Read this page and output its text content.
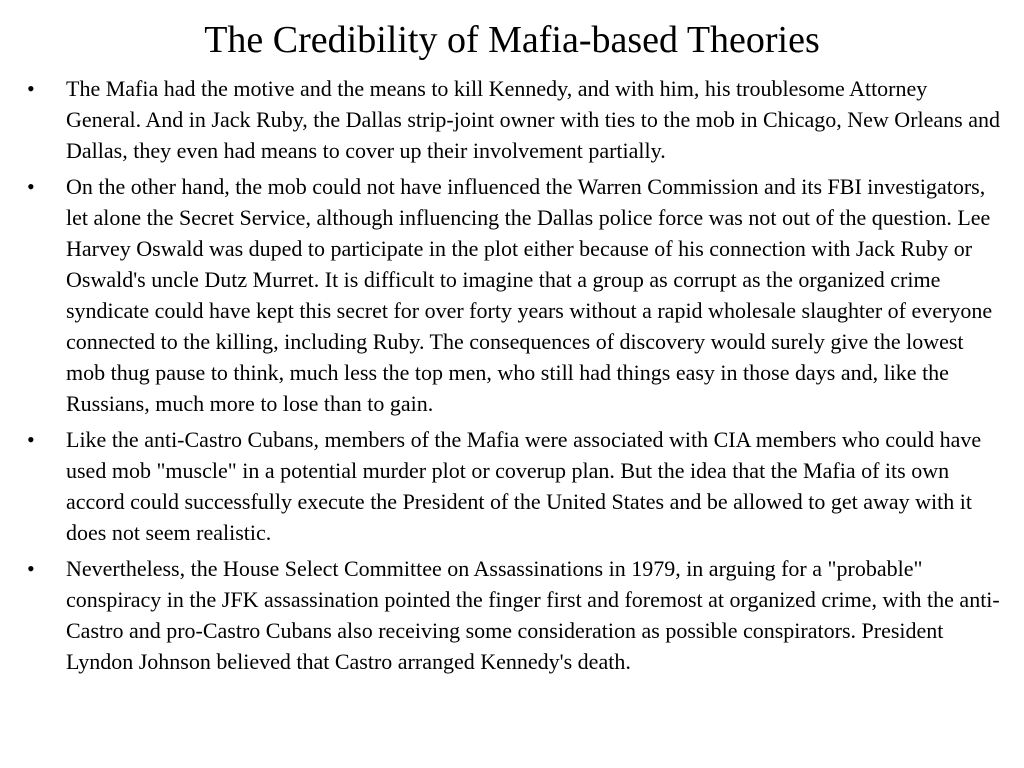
The Credibility of Mafia-based Theories
• The Mafia had the motive and the means to kill Kennedy, and with him, his troublesome Attorney General. And in Jack Ruby, the Dallas strip-joint owner with ties to the mob in Chicago, New Orleans and Dallas, they even had means to cover up their involvement partially.
• On the other hand, the mob could not have influenced the Warren Commission and its FBI investigators, let alone the Secret Service, although influencing the Dallas police force was not out of the question. Lee Harvey Oswald was duped to participate in the plot either because of his connection with Jack Ruby or Oswald's uncle Dutz Murret. It is difficult to imagine that a group as corrupt as the organized crime syndicate could have kept this secret for over forty years without a rapid wholesale slaughter of everyone connected to the killing, including Ruby. The consequences of discovery would surely give the lowest mob thug pause to think, much less the top men, who still had things easy in those days and, like the Russians, much more to lose than to gain.
• Like the anti-Castro Cubans, members of the Mafia were associated with CIA members who could have used mob "muscle" in a potential murder plot or coverup plan. But the idea that the Mafia of its own accord could successfully execute the President of the United States and be allowed to get away with it does not seem realistic.
• Nevertheless, the House Select Committee on Assassinations in 1979, in arguing for a "probable" conspiracy in the JFK assassination pointed the finger first and foremost at organized crime, with the anti-Castro and pro-Castro Cubans also receiving some consideration as possible conspirators. President Lyndon Johnson believed that Castro arranged Kennedy's death.
